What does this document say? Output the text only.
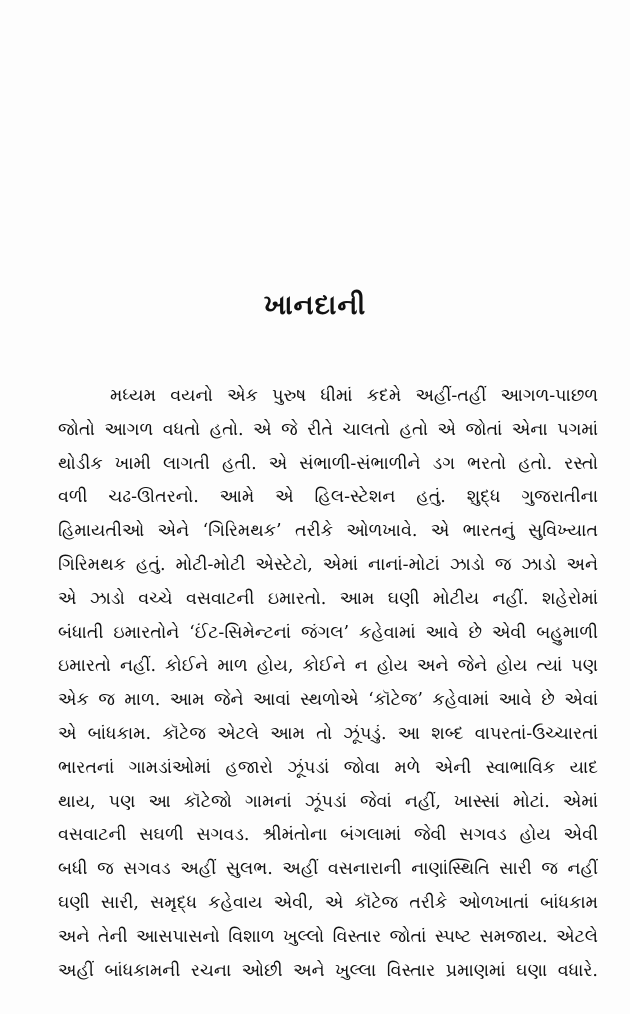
ખાનદાની
મધ્યમ વયનો એક પુરુષ ધીમાં કદમે અહીં-તહીં આગળ-પાછળ
જોતો આગળ વધતો હતો. એ જે રીતે ચાલતો હતો એ જોતાં એના પગમાં
થોડીક ખામી લાગતી હતી. એ સંભાળી-સંભાળીને ડગ ભરતો હતો. રસ્તો
વળી ચઢ-ઊતરનો. આમે એ હિલ-સ્ટેશન હતું. શુદ્ધ ગુજરાતીના
હિમાયતીઓ એને ‘ગિરિમથક’ તરીકે ઓળખાવે. એ ભારતનું સુવિખ્યાત
ગિરિમથક હતું. મોટી-મોટી એસ્ટેટો, એમાં નાનાં-મોટાં ઝાડો જ ઝાડો અને
એ ઝાડો વચ્ચે વસવાટની ઇમારતો. આમ ઘણી મોટીય નહીં. શહેરોમાં
બંધાતી ઇમારતોને ‘ઈંટ-સિમેન્ટનાં જંગલ’ કહેવામાં આવે છે એવી બહુમાળી
ઇમારતો નહીં. કોઈને માળ હોય, કોઈને ન હોય અને જેને હોય ત્યાં પણ
એક જ માળ. આમ જેને આવાં સ્થળોએ ‘કૉટેજ’ કહેવામાં આવે છે એવાં
એ બાંધકામ. કૉટેજ એટલે આમ તો ઝૂંપડું. આ શબ્દ વાપરતાં-ઉચ્ચારતાં
ભારતનાં ગામડાંઓમાં હજારો ઝૂંપડાં જોવા મળે એની સ્વાભાવિક યાદ
થાય, પણ આ કૉટેજો ગામનાં ઝૂંપડાં જેવાં નહીં, ખાસ્સાં મોટાં. એમાં
વસવાટની સઘળી સગવડ. શ્રીમંતોના બંગલામાં જેવી સગવડ હોય એવી
બધી જ સગવડ અહીં સુલભ. અહીં વસનારાની નાણાંસ્થિતિ સારી જ નહીં
ઘણી સારી, સમૃદ્ધ કહેવાય એવી, એ કૉટેજ તરીકે ઓળખાતાં બાંધકામ
અને તેની આસપાસનો વિશાળ ખુલ્લો વિસ્તાર જોતાં સ્પષ્ટ સમજાય. એટલે
અહીં બાંધકામની રચના ઓછી અને ખુલ્લા વિસ્તાર પ્રમાણમાં ઘણા વધારે.
